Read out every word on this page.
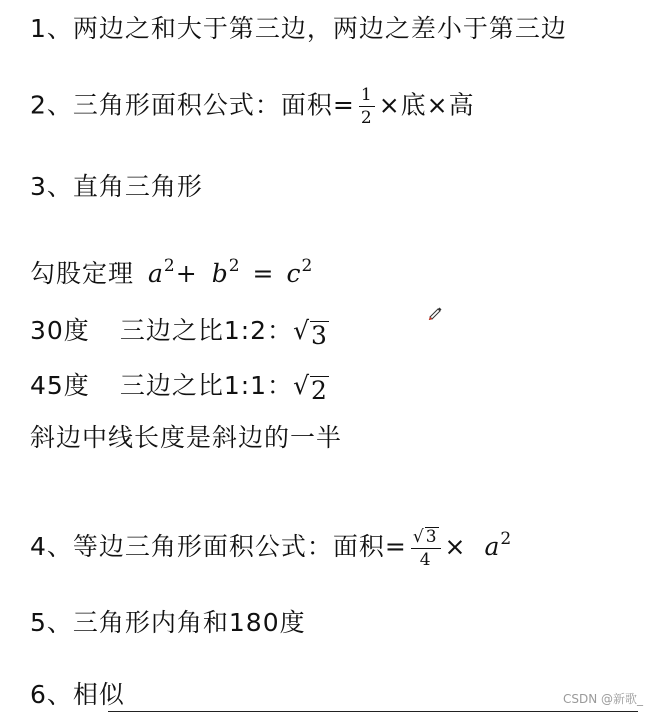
1、两边之和大于第三边，两边之差小于第三边
2、三角形面积公式：面积= $\frac{1}{2}$ ×底×高
3、直角三角形
勾股定理 $a^2+ b^2 = c^2$
30度 三边之比1:2： √ 3
45度 三边之比1:1： √ 2
斜边中线长度是斜边的一半
4、等边三角形面积公式：面积= $\frac{√ 3}{4} \times a^2$
5、三角形内角和180度
6、相似	CSDN @新歌_
